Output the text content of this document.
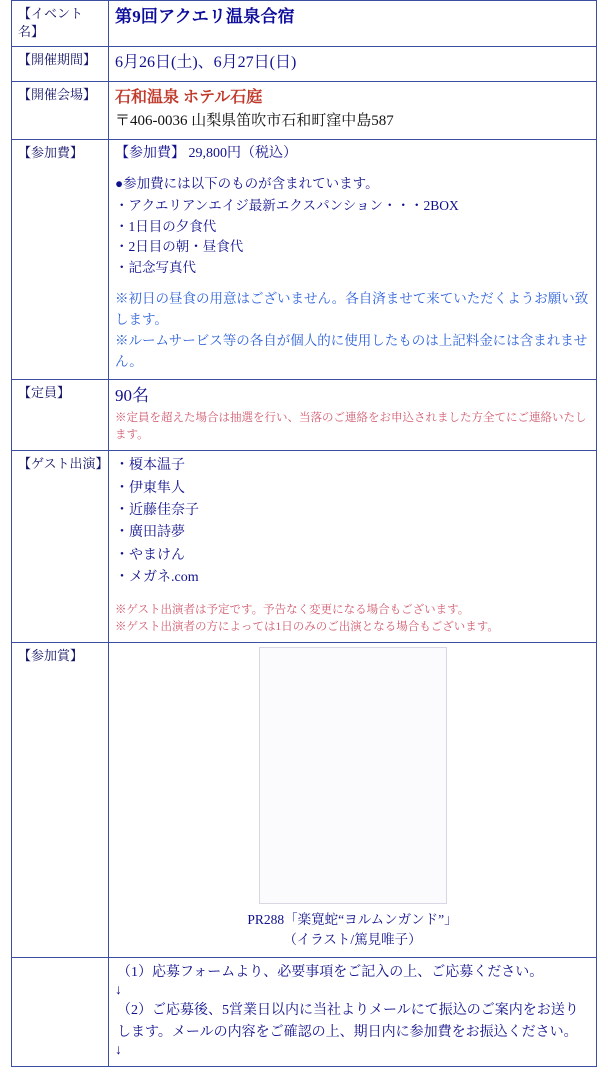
【イベント名】	第9回アクエリ温泉合宿
【開催期間】	6月26日(土)、6月27日(日)
【開催会場】	石和温泉 ホテル石庭
〒406-0036 山梨県笛吹市石和町窪中島587

【参加費】	【参加費】 29,800円（税込）

●参加費には以下のものが含まれています。

・アクエリアンエイジ最新エクスパンション・・・2BOX
・1日目の夕食代
・2日目の朝・昼食代
・記念写真代

※初日の昼食の用意はございません。各自済ませて来ていただくようお願い致します。

※ルームサービス等の各自が個人的に使用したものは上記料金には含まれません。

【定員】	90名

※定員を超えた場合は抽選を行い、当落のご連絡をお申込されました方全てにご連絡いたします。

【ゲスト出演】	・榎本温子
・伊東隼人
・近藤佳奈子
・廣田詩夢
・やまけん
・メガネ.com

※ゲスト出演者は予定です。予告なく変更になる場合もございます。

※ゲスト出演者の方によっては1日のみのご出演となる場合もございます。

【参加賞】	PR288「楽寛蛇“ヨルムンガンド”」
（イラスト/篤見唯子）

	（1）応募フォームより、必要事項をご記入の上、ご応募ください。

↓

（2）ご応募後、5営業日以内に当社よりメールにて振込のご案内をお送りします。メールの内容をご確認の上、期日内に参加費をお振込ください。

↓
